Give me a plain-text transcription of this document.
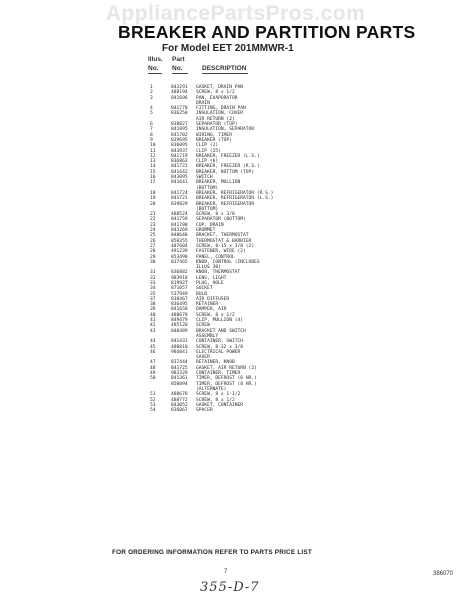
AppliancePartsPros.com
BREAKER AND PARTITION PARTS
For Model EET 201MMWR-1
Illus.
No.
Part
No.	DESCRIPTION
1	843291	GASKET, DRAIN PAN
2	488194	SCREW, 8 x 1/2
3	841696	PAN, EVAPORATOR
DRAIN
4	841770	FITTING, DRAIN PAN
5	836250	INSULATION, COVER
AIR RETURN (2)
6	838827	SEPARATOR (TOP)
7	841895	INSULATION, SEPARATOR
8	841702	WIRING, TIMER
9	839695	BREAKER (TOP)
10	836095	CLIP (2)
11	843937	CLIP (25)
12	841719	BREAKER, FREEZER (L.S.)
13	836863	CLIP (6)
14	841722	BREAKER, FREEZER (R.S.)
15	841642	BREAKER, BOTTOM (TOP)
16	843095	SWITCH
17	841641	BREAKER, MULLION
(BOTTOM)
18	841724	BREAKER, REFRIGERATOR (R.S.)
19	841721	BREAKER, REFRIGERATOR (L.S.)
20	839829	BREAKER, REFRIGERATOR
(BOTTOM)
21	488524	SCREW, 8 x 3/8
22	841759	SEPARATOR (BOTTOM)
23	841708	CUP, DRAIN
24	843269	GROMMET
25	848640	BRACKET, THERMOSTAT
26	850355	THERMOSTAT & BARRIER
27	487604	SCREW, 8-15 x 3/8 (2)
28	491239	FASTENER, WIRE (2)
29	853498	PANEL, CONTROL
30	837465	KNOB, CONTROL (INCLUDES
ILLUS 30)
31	836882	KNOB, THERMOSTAT
32	983910	LENS, LIGHT
33	819927	PLUG, HOLE
34	871057	SOCKET
35	537949	BULB
37	838467	AIR DIFFUSER
38	836495	RETAINER
39	841658	DAMPER, AIR
40	488678	SCREW, 8 x 1/2
41	849479	CLIP, MULLION (4)
42	485120	SCREW
43	840489	BRACKET AND SWITCH
ASSEMBLY
44	841431	CONTAINER, SWITCH
45	488810	SCREW, 8-32 x 3/8
46	984841	ELECTRICAL POWER
SAVER
47	837444	RETAINER, KNOB
48	841725	GASKET, AIR RETURN (2)
49	983329	CONTAINER, TIMER
50	841361	TIMER, DEFROST (6 HR.)
850094	TIMER, DEFROST (8 HR.)
(ALTERNATE)
51	488678	SCREW, 8 x 1-1/2
52	488772	SCREW, 8 x 1/2
53	843052	GASKET, CONTAINER
54	836067	SPACER
FOR ORDERING INFORMATION REFER TO PARTS PRICE LIST
7	386070
355-D-7
